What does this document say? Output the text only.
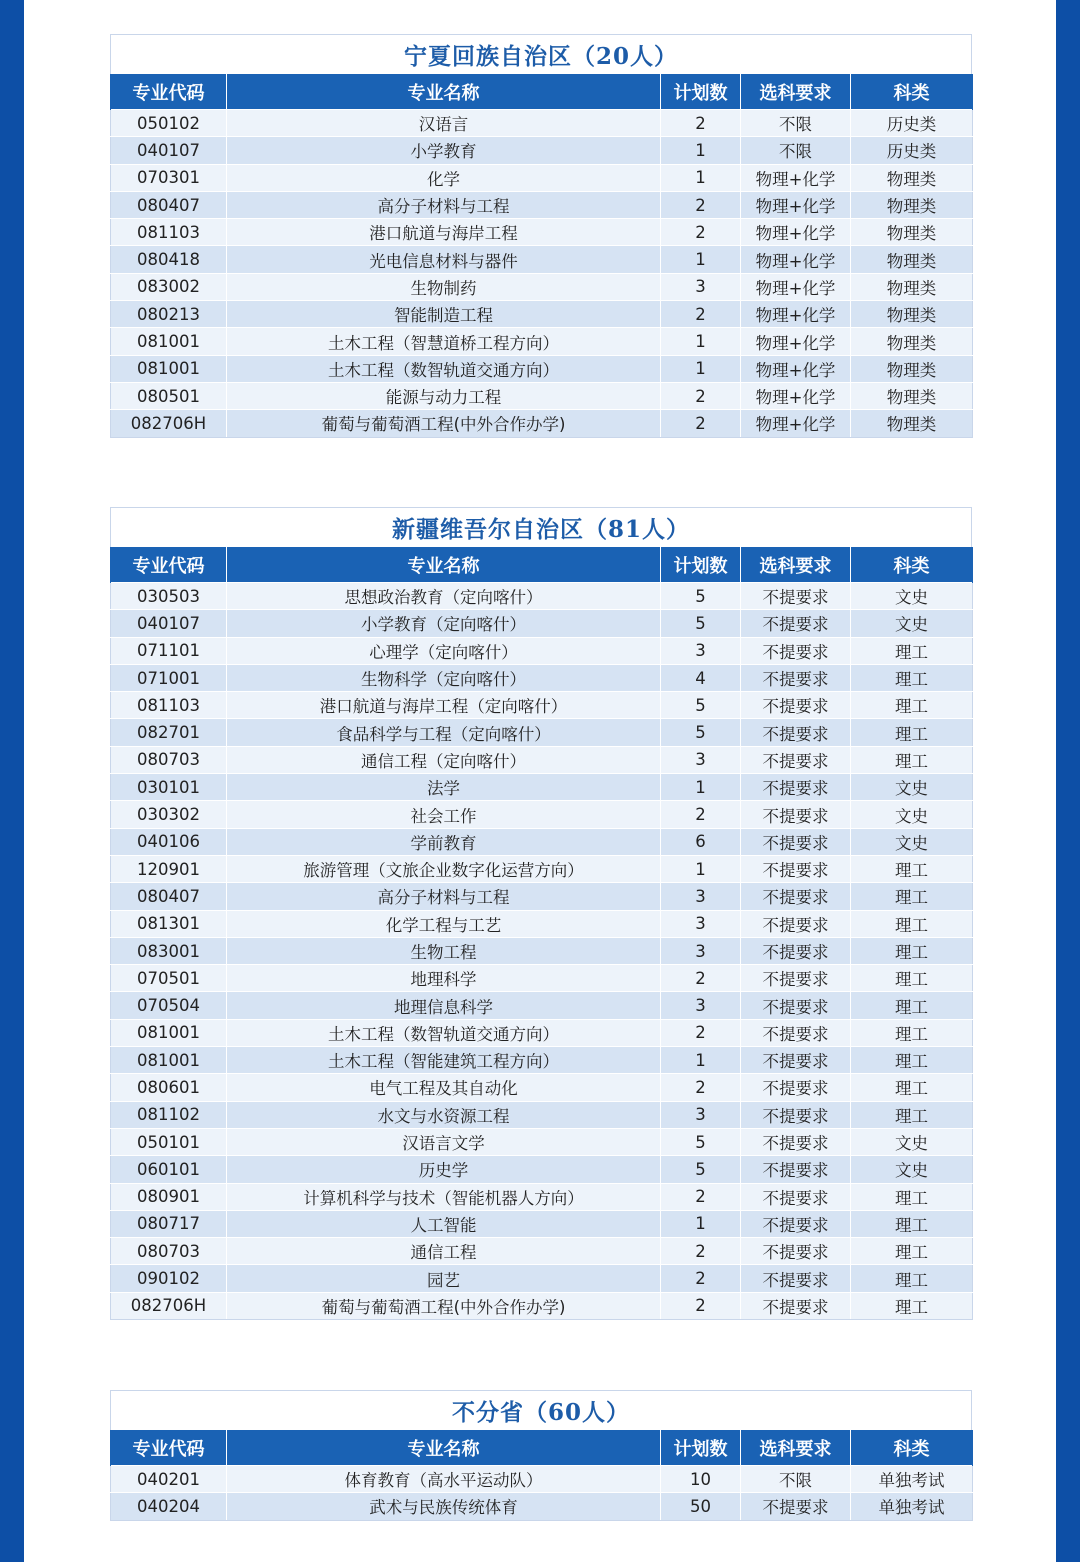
宁夏回族自治区（20人）
专业代码	专业名称	计划数	选科要求	科类
050102	汉语言	2	不限	历史类
040107	小学教育	1	不限	历史类
070301	化学	1	物理+化学	物理类
080407	高分子材料与工程	2	物理+化学	物理类
081103	港口航道与海岸工程	2	物理+化学	物理类
080418	光电信息材料与器件	1	物理+化学	物理类
083002	生物制药	3	物理+化学	物理类
080213	智能制造工程	2	物理+化学	物理类
081001	土木工程（智慧道桥工程方向）	1	物理+化学	物理类
081001	土木工程（数智轨道交通方向）	1	物理+化学	物理类
080501	能源与动力工程	2	物理+化学	物理类
082706H	葡萄与葡萄酒工程(中外合作办学)	2	物理+化学	物理类
新疆维吾尔自治区（81人）
专业代码	专业名称	计划数	选科要求	科类
030503	思想政治教育（定向喀什）	5	不提要求	文史
040107	小学教育（定向喀什）	5	不提要求	文史
071101	心理学（定向喀什）	3	不提要求	理工
071001	生物科学（定向喀什）	4	不提要求	理工
081103	港口航道与海岸工程（定向喀什）	5	不提要求	理工
082701	食品科学与工程（定向喀什）	5	不提要求	理工
080703	通信工程（定向喀什）	3	不提要求	理工
030101	法学	1	不提要求	文史
030302	社会工作	2	不提要求	文史
040106	学前教育	6	不提要求	文史
120901	旅游管理（文旅企业数字化运营方向）	1	不提要求	理工
080407	高分子材料与工程	3	不提要求	理工
081301	化学工程与工艺	3	不提要求	理工
083001	生物工程	3	不提要求	理工
070501	地理科学	2	不提要求	理工
070504	地理信息科学	3	不提要求	理工
081001	土木工程（数智轨道交通方向）	2	不提要求	理工
081001	土木工程（智能建筑工程方向）	1	不提要求	理工
080601	电气工程及其自动化	2	不提要求	理工
081102	水文与水资源工程	3	不提要求	理工
050101	汉语言文学	5	不提要求	文史
060101	历史学	5	不提要求	文史
080901	计算机科学与技术（智能机器人方向）	2	不提要求	理工
080717	人工智能	1	不提要求	理工
080703	通信工程	2	不提要求	理工
090102	园艺	2	不提要求	理工
082706H	葡萄与葡萄酒工程(中外合作办学)	2	不提要求	理工
不分省（60人）
专业代码	专业名称	计划数	选科要求	科类
040201	体育教育（高水平运动队）	10	不限	单独考试
040204	武术与民族传统体育	50	不提要求	单独考试
